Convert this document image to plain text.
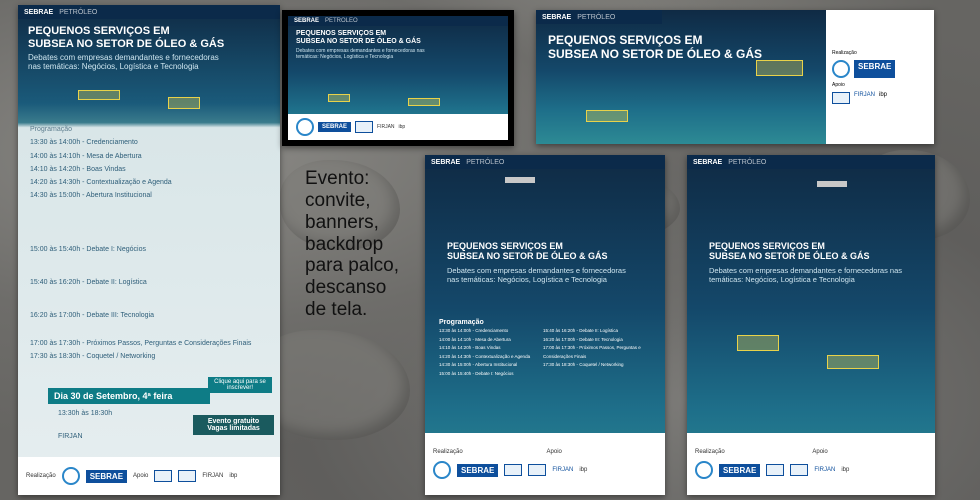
SEBRAE PETRÓLEO
PEQUENOS SERVIÇOS EM
SUBSEA NO SETOR DE ÓLEO & GÁS
Debates com empresas demandantes e fornecedoras nas temáticas: Negócios, Logística e Tecnologia
Programação
13:30 às 14:00h - Credenciamento
14:00 às 14:10h - Mesa de Abertura
14:10 às 14:20h - Boas Vindas
14:20 às 14:30h - Contextualização e Agenda
14:30 às 15:00h - Abertura Institucional
15:00 às 15:40h - Debate I: Negócios
15:40 às 16:20h - Debate II: Logística
16:20 às 17:00h - Debate III: Tecnologia
17:00 às 17:30h - Próximos Passos, Perguntas e Considerações Finais
17:30 às 18:30h - Coquetel / Networking
Dia 30 de Setembro, 4ª feira
Clique aqui para se inscrever!
13:30h às 18:30h
FIRJAN
Evento gratuito
Vagas limitadas
Realização	SEBRAE	Apoio	FIRJAN ibp
SEBRAE PETRÓLEO
PEQUENOS SERVIÇOS EM
SUBSEA NO SETOR DE ÓLEO & GÁS
Debates com empresas demandantes e fornecedoras nas temáticas: Negócios, Logística e Tecnologia
SEBRAE	FIRJAN ibp
SEBRAE PETRÓLEO
PEQUENOS SERVIÇOS EM
SUBSEA NO SETOR DE ÓLEO & GÁS	Realização
SEBRAE
Apoio
FIRJAN ibp
SEBRAE PETRÓLEO
PEQUENOS SERVIÇOS EM
SUBSEA NO SETOR DE ÓLEO & GÁS
Debates com empresas demandantes e fornecedoras nas temáticas: Negócios, Logística e Tecnologia
Programação
13:30 às 14:00h - Credenciamento
14:00 às 14:10h - Mesa de Abertura
14:10 às 14:20h - Boas Vindas
14:20 às 14:30h - Contextualização e Agenda
14:30 às 15:00h - Abertura Institucional
15:00 às 15:40h - Debate I: Negócios
15:40 às 16:20h - Debate II: Logística
16:20 às 17:00h - Debate III: Tecnologia
17:00 às 17:30h - Próximos Passos, Perguntas e Considerações Finais
17:30 às 18:30h - Coquetel / Networking
Realização	Apoio
SEBRAE	FIRJAN ibp
SEBRAE PETRÓLEO
PEQUENOS SERVIÇOS EM
SUBSEA NO SETOR DE ÓLEO & GÁS
Debates com empresas demandantes e fornecedoras nas temáticas: Negócios, Logística e Tecnologia
Realização	Apoio
SEBRAE	FIRJAN ibp
Evento:
convite,
banners,
backdrop
para palco,
descanso
de tela.
